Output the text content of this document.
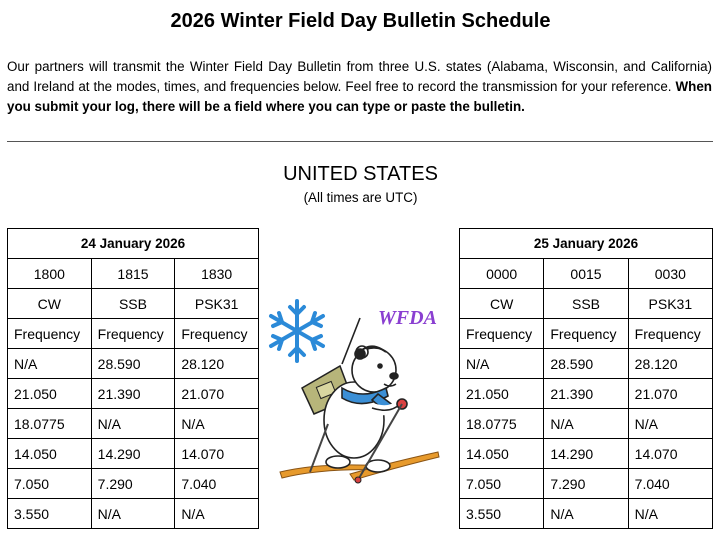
2026 Winter Field Day Bulletin Schedule
Our partners will transmit the Winter Field Day Bulletin from three U.S. states (Alabama, Wisconsin, and California) and Ireland at the modes, times, and frequencies below. Feel free to record the transmission for your reference. When you submit your log, there will be a field where you can type or paste the bulletin.
UNITED STATES
(All times are UTC)
24 January 2026		
1800	1815	1830
CW	SSB	PSK31
Frequency	Frequency	Frequency
N/A	28.590	28.120
21.050	21.390	21.070
18.0775	N/A	N/A
14.050	14.290	14.070
7.050	7.290	7.040
3.550	N/A	N/A
25 January 2026		
0000	0015	0030
CW	SSB	PSK31
Frequency	Frequency	Frequency
N/A	28.590	28.120
21.050	21.390	21.070
18.0775	N/A	N/A
14.050	14.290	14.070
7.050	7.290	7.040
3.550	N/A	N/A
WFDA
